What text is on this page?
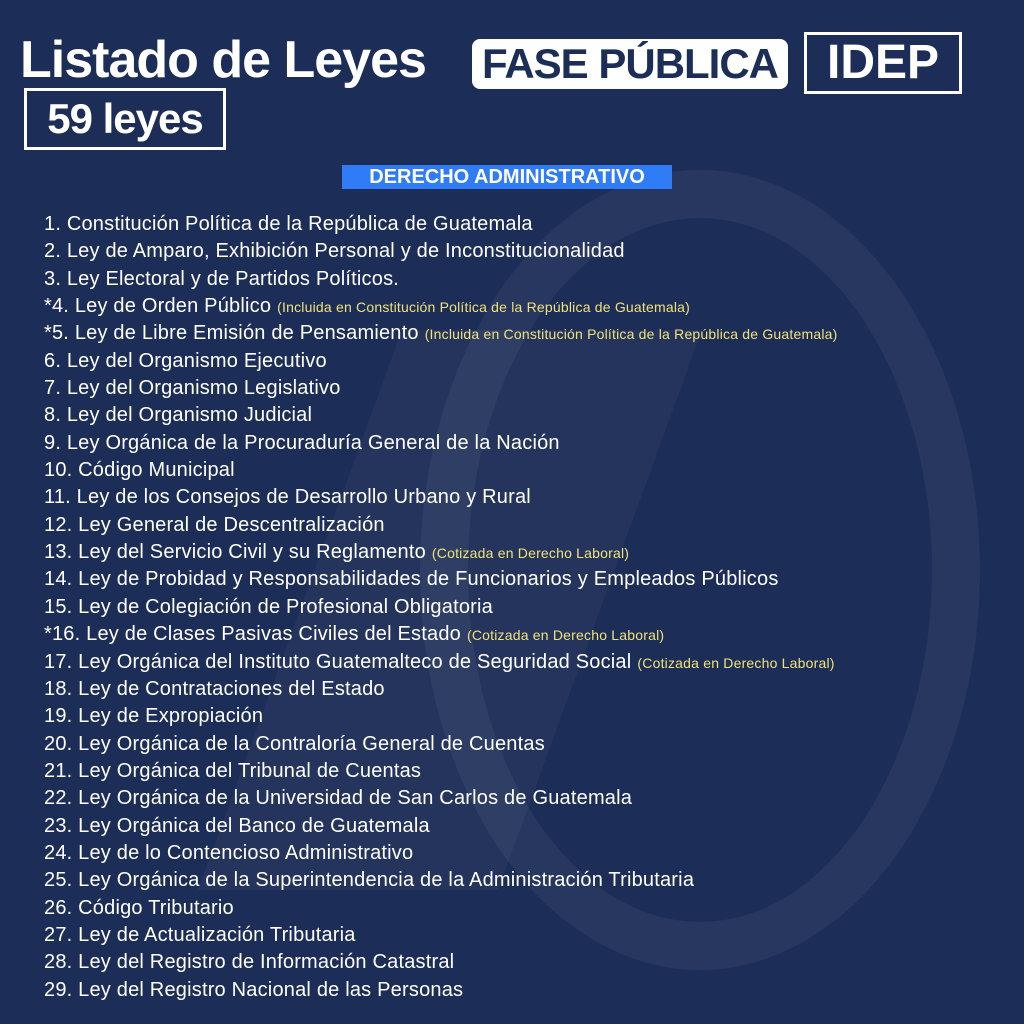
Listado de Leyes FASE PÚBLICA	IDEP
59 leyes
DERECHO ADMINISTRATIVO
1. Constitución Política de la República de Guatemala
2. Ley de Amparo, Exhibición Personal y de Inconstitucionalidad
3. Ley Electoral y de Partidos Políticos.
*4. Ley de Orden Público (Incluida en Constitución Política de la República de Guatemala)
*5. Ley de Libre Emisión de Pensamiento (Incluida en Constitución Política de la República de Guatemala)
6. Ley del Organismo Ejecutivo
7. Ley del Organismo Legislativo
8. Ley del Organismo Judicial
9. Ley Orgánica de la Procuraduría General de la Nación
10. Código Municipal
11. Ley de los Consejos de Desarrollo Urbano y Rural
12. Ley General de Descentralización
13. Ley del Servicio Civil y su Reglamento (Cotizada en Derecho Laboral)
14. Ley de Probidad y Responsabilidades de Funcionarios y Empleados Públicos
15. Ley de Colegiación de Profesional Obligatoria
*16. Ley de Clases Pasivas Civiles del Estado (Cotizada en Derecho Laboral)
17. Ley Orgánica del Instituto Guatemalteco de Seguridad Social (Cotizada en Derecho Laboral)
18. Ley de Contrataciones del Estado
19. Ley de Expropiación
20. Ley Orgánica de la Contraloría General de Cuentas
21. Ley Orgánica del Tribunal de Cuentas
22. Ley Orgánica de la Universidad de San Carlos de Guatemala
23. Ley Orgánica del Banco de Guatemala
24. Ley de lo Contencioso Administrativo
25. Ley Orgánica de la Superintendencia de la Administración Tributaria
26. Código Tributario
27. Ley de Actualización Tributaria
28. Ley del Registro de Información Catastral
29. Ley del Registro Nacional de las Personas
